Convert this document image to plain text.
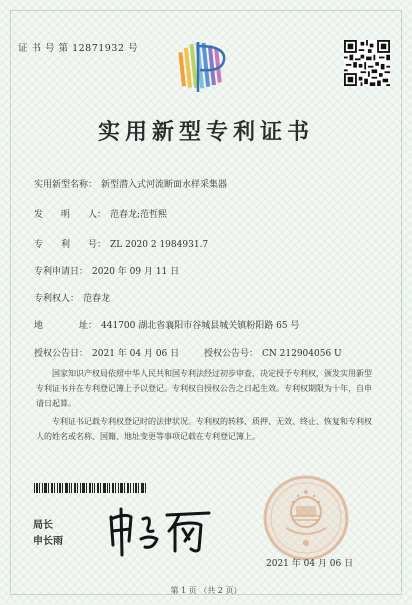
证 书 号 第 12871932 号
实用新型专利证书
实用新型名称： 新型潜入式河流断面水样采集器
发　　明　　人： 范春龙;范哲熙
专　　利　　号： ZL 2020 2 1984931.7
专利申请日： 2020 年 09 月 11 日
专利权人： 范春龙
地　　　　址： 441700 湖北省襄阳市谷城县城关镇粉阳路 65 号
授权公告日： 2021 年 04 月 06 日	授权公告号： CN 212904056 U
国家知识产权局依照中华人民共和国专利法经过初步审查，决定授予专利权，颁发实用新型专利证书并在专利登记簿上予以登记。专利权自授权公告之日起生效。专利权期限为十年，自申请日起算。
专利证书记载专利权登记时的法律状况。专利权的转移、质押、无效、终止、恢复和专利权人的姓名或名称、国籍、地址变更等事项记载在专利登记簿上。
局长
申长雨
2021 年 04 月 06 日
第 1 页 （共 2 页）
